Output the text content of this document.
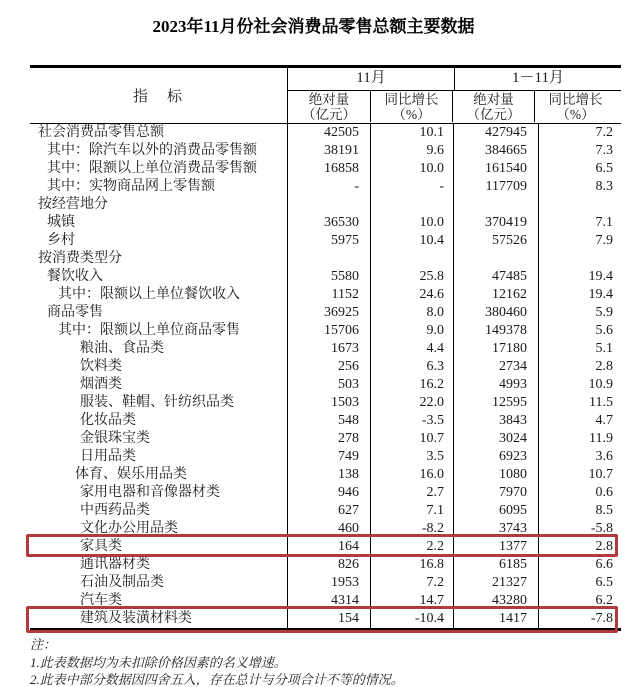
2023年11月份社会消费品零售总额主要数据
指　标
11月	1－11月
绝对量
（亿元）
同比增长
（%）
绝对量
（亿元）
同比增长
（%）
社会消费品零售总额	42505	10.1	427945	7.2
其中：除汽车以外的消费品零售额	38191	9.6	384665	7.3
其中：限额以上单位消费品零售额	16858	10.0	161540	6.5
其中：实物商品网上零售额	-	-	117709	8.3
按经营地分
城镇	36530	10.0	370419	7.1
乡村	5975	10.4	57526	7.9
按消费类型分
餐饮收入	5580	25.8	47485	19.4
其中：限额以上单位餐饮收入	1152	24.6	12162	19.4
商品零售	36925	8.0	380460	5.9
其中：限额以上单位商品零售	15706	9.0	149378	5.6
粮油、食品类	1673	4.4	17180	5.1
饮料类	256	6.3	2734	2.8
烟酒类	503	16.2	4993	10.9
服装、鞋帽、针纺织品类	1503	22.0	12595	11.5
化妆品类	548	-3.5	3843	4.7
金银珠宝类	278	10.7	3024	11.9
日用品类	749	3.5	6923	3.6
体育、娱乐用品类	138	16.0	1080	10.7
家用电器和音像器材类	946	2.7	7970	0.6
中西药品类	627	7.1	6095	8.5
文化办公用品类	460	-8.2	3743	-5.8
家具类	164	2.2	1377	2.8
通讯器材类	826	16.8	6185	6.6
石油及制品类	1953	7.2	21327	6.5
汽车类	4314	14.7	43280	6.2
建筑及装潢材料类	154	-10.4	1417	-7.8
注：
1.此表数据均为未扣除价格因素的名义增速。
2.此表中部分数据因四舍五入，存在总计与分项合计不等的情况。
